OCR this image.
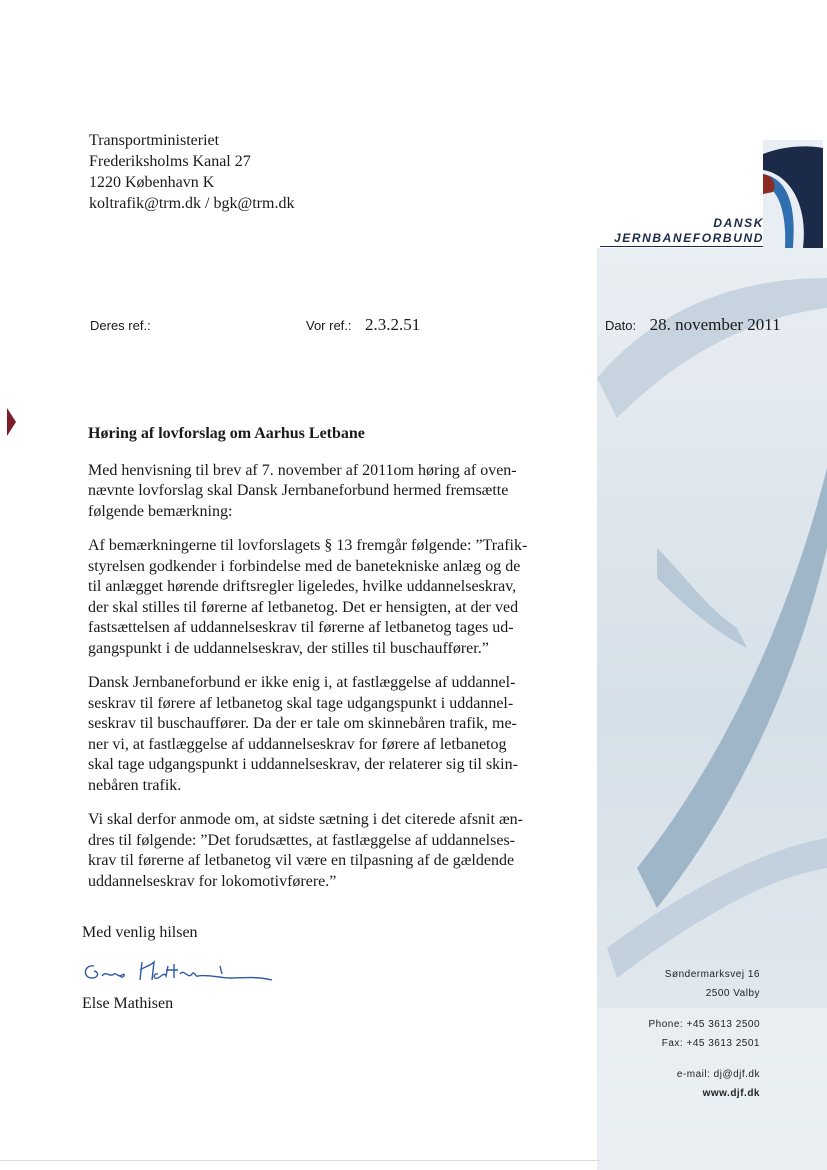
DANSK
JERNBANEFORBUND
Transportministeriet
Frederiksholms Kanal 27
1220 København K
koltrafik@trm.dk / bgk@trm.dk
Deres ref.:	Vor ref.: 2.3.2.51	Dato: 28. november 2011
Høring af lovforslag om Aarhus Letbane
Med henvisning til brev af 7. november af 2011om høring af oven-
nævnte lovforslag skal Dansk Jernbaneforbund hermed fremsætte
følgende bemærkning:
Af bemærkningerne til lovforslagets § 13 fremgår følgende: ”Trafik-
styrelsen godkender i forbindelse med de banetekniske anlæg og de
til anlægget hørende driftsregler ligeledes, hvilke uddannelseskrav,
der skal stilles til førerne af letbanetog. Det er hensigten, at der ved
fastsættelsen af uddannelseskrav til førerne af letbanetog tages ud-
gangspunkt i de uddannelseskrav, der stilles til buschauffører.”
Dansk Jernbaneforbund er ikke enig i, at fastlæggelse af uddannel-
seskrav til førere af letbanetog skal tage udgangspunkt i uddannel-
seskrav til buschauffører. Da der er tale om skinnebåren trafik, me-
ner vi, at fastlæggelse af uddannelseskrav for førere af letbanetog
skal tage udgangspunkt i uddannelseskrav, der relaterer sig til skin-
nebåren trafik.
Vi skal derfor anmode om, at sidste sætning i det citerede afsnit æn-
dres til følgende: ”Det forudsættes, at fastlæggelse af uddannelses-
krav til førerne af letbanetog vil være en tilpasning af de gældende
uddannelseskrav for lokomotivførere.”
Med venlig hilsen
Else Mathisen
Søndermarksvej 16
2500 Valby
Phone: +45 3613 2500
Fax: +45 3613 2501
e-mail: dj@djf.dk
www.djf.dk
